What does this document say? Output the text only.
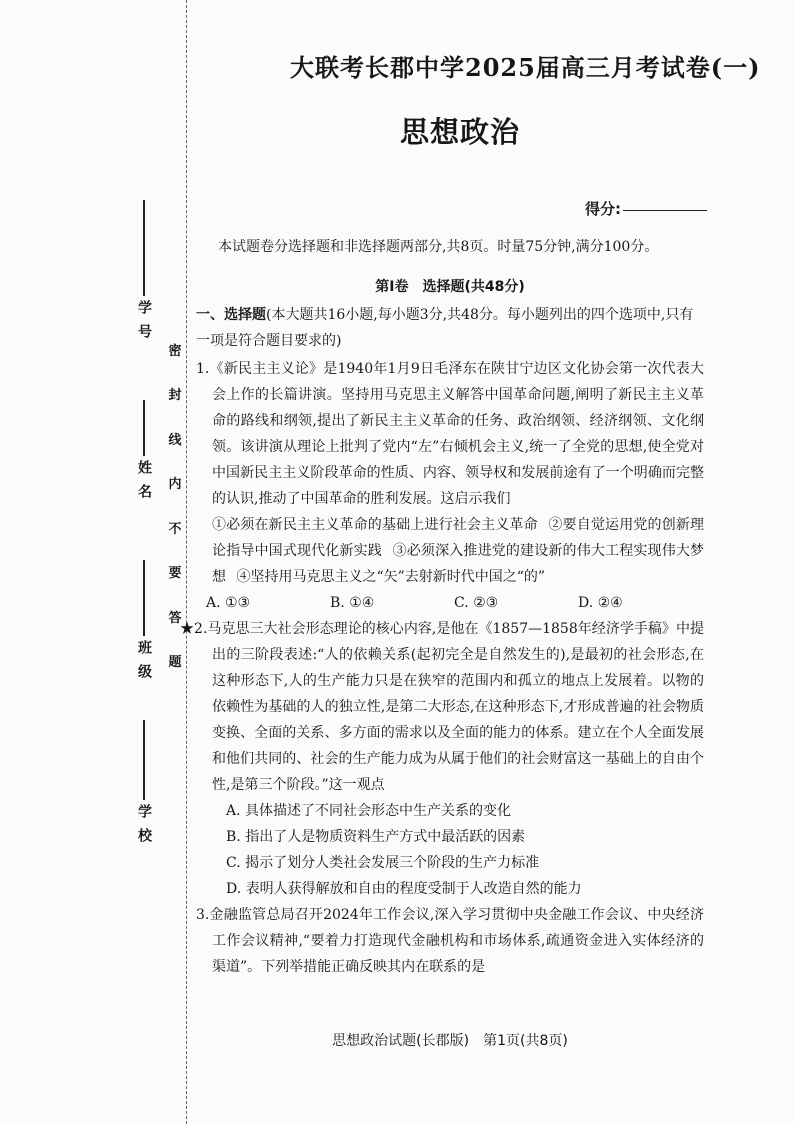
学号
姓名
班级
学校
密
封
线
内
不
要
答
题
大联考长郡中学2025届高三月考试卷(一)
思想政治
得分:

本试题卷分选择题和非选择题两部分,共8页。时量75分钟,满分100分。

第Ⅰ卷　选择题(共48分)

一、选择题(本大题共16小题,每小题3分,共48分。每小题列出的四个选项中,只有一项是符合题目要求的)

1.《新民主主义论》是1940年1月9日毛泽东在陕甘宁边区文化协会第一次代表大会上作的长篇讲演。坚持用马克思主义解答中国革命问题,阐明了新民主主义革命的路线和纲领,提出了新民主主义革命的任务、政治纲领、经济纲领、文化纲领。该讲演从理论上批判了党内“左”右倾机会主义,统一了全党的思想,使全党对中国新民主主义阶段革命的性质、内容、领导权和发展前途有了一个明确而完整的认识,推动了中国革命的胜利发展。这启示我们

①必须在新民主主义革命的基础上进行社会主义革命 ②要自觉运用党的创新理论指导中国式现代化新实践 ③必须深入推进党的建设新的伟大工程实现伟大梦想 ④坚持用马克思主义之“矢”去射新时代中国之“的”

A. ①③	B. ①④	C. ②③	D. ②④

★2.马克思三大社会形态理论的核心内容,是他在《1857—1858年经济学手稿》中提出的三阶段表述:“人的依赖关系(起初完全是自然发生的),是最初的社会形态,在这种形态下,人的生产能力只是在狭窄的范围内和孤立的地点上发展着。以物的依赖性为基础的人的独立性,是第二大形态,在这种形态下,才形成普遍的社会物质变换、全面的关系、多方面的需求以及全面的能力的体系。建立在个人全面发展和他们共同的、社会的生产能力成为从属于他们的社会财富这一基础上的自由个性,是第三个阶段。”这一观点

A. 具体描述了不同社会形态中生产关系的变化
B. 指出了人是物质资料生产方式中最活跃的因素
C. 揭示了划分人类社会发展三个阶段的生产力标准
D. 表明人获得解放和自由的程度受制于人改造自然的能力

3.金融监管总局召开2024年工作会议,深入学习贯彻中央金融工作会议、中央经济工作会议精神,“要着力打造现代金融机构和市场体系,疏通资金进入实体经济的渠道”。下列举措能正确反映其内在联系的是

思想政治试题(长郡版)　第1页(共8页)
